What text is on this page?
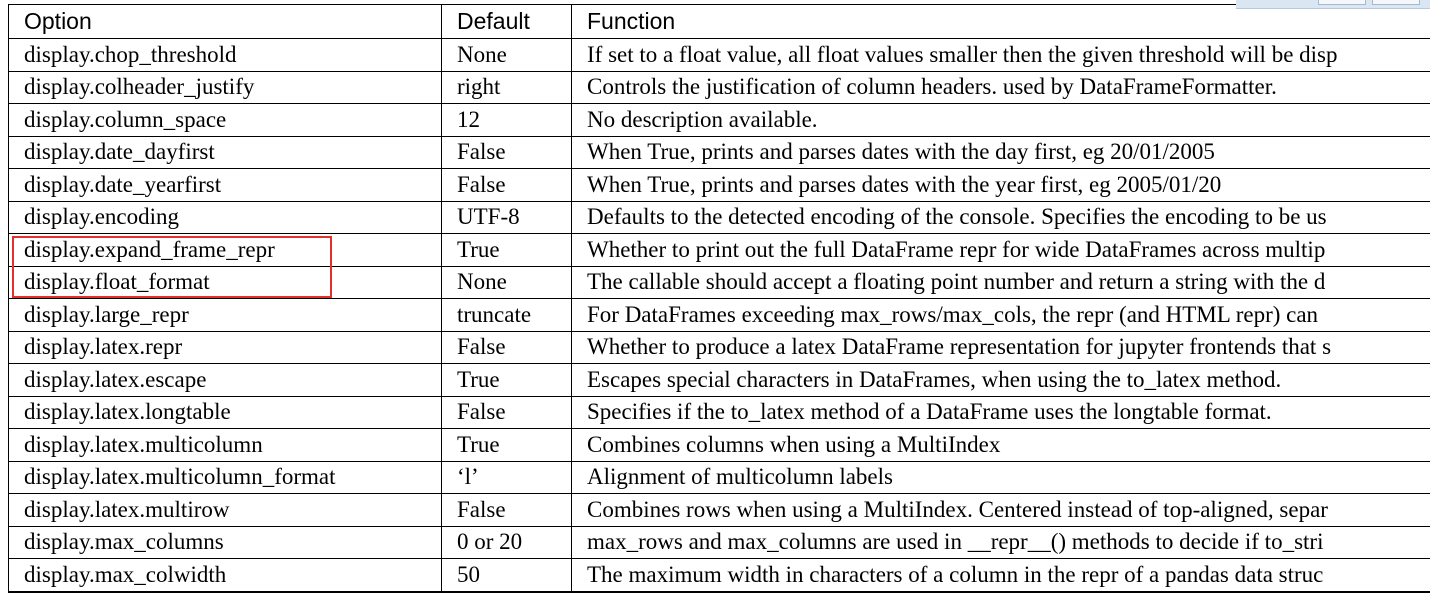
Option	Default	Function
display.chop_threshold	None	If set to a float value, all float values smaller then the given threshold will be disp
display.colheader_justify	right	Controls the justification of column headers. used by DataFrameFormatter.
display.column_space	12	No description available.
display.date_dayfirst	False	When True, prints and parses dates with the day first, eg 20/01/2005
display.date_yearfirst	False	When True, prints and parses dates with the year first, eg 2005/01/20
display.encoding	UTF-8	Defaults to the detected encoding of the console. Specifies the encoding to be us
display.expand_frame_repr	True	Whether to print out the full DataFrame repr for wide DataFrames across multip
display.float_format	None	The callable should accept a floating point number and return a string with the d
display.large_repr	truncate	For DataFrames exceeding max_rows/max_cols, the repr (and HTML repr) can
display.latex.repr	False	Whether to produce a latex DataFrame representation for jupyter frontends that s
display.latex.escape	True	Escapes special characters in DataFrames, when using the to_latex method.
display.latex.longtable	False	Specifies if the to_latex method of a DataFrame uses the longtable format.
display.latex.multicolumn	True	Combines columns when using a MultiIndex
display.latex.multicolumn_format	‘l’	Alignment of multicolumn labels
display.latex.multirow	False	Combines rows when using a MultiIndex. Centered instead of top-aligned, separ
display.max_columns	0 or 20	max_rows and max_columns are used in __repr__() methods to decide if to_stri
display.max_colwidth	50	The maximum width in characters of a column in the repr of a pandas data struc
